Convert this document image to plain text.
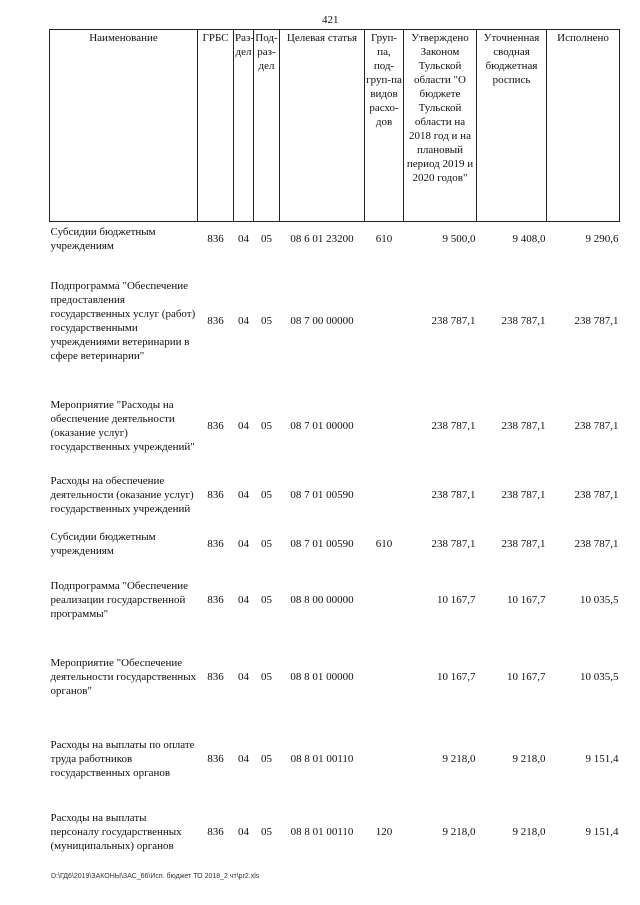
421
Наименование	ГРБС	Раз-дел	Под-раз-дел	Целевая статья	Груп-па, под-груп-па видов расхо-дов	Утверждено Законом Тульской области "О бюджете Тульской области на 2018 год и на плановый период 2019 и 2020 годов"	Уточненная сводная бюджетная роспись	Исполнено
Субсидии бюджетным учреждениям	836	04	05	08 6 01 23200	610	9 500,0	9 408,0	9 290,6
Подпрограмма "Обеспечение предоставления государственных услуг (работ) государственными учреждениями ветеринарии в сфере ветеринарии"	836	04	05	08 7 00 00000		238 787,1	238 787,1	238 787,1
Мероприятие "Расходы на обеспечение деятельности (оказание услуг) государственных учреждений"	836	04	05	08 7 01 00000		238 787,1	238 787,1	238 787,1
Расходы на обеспечение деятельности (оказание услуг) государственных учреждений	836	04	05	08 7 01 00590		238 787,1	238 787,1	238 787,1
Субсидии бюджетным учреждениям	836	04	05	08 7 01 00590	610	238 787,1	238 787,1	238 787,1
Подпрограмма "Обеспечение реализации государственной программы"	836	04	05	08 8 00 00000		10 167,7	10 167,7	10 035,5
Мероприятие "Обеспечение деятельности государственных органов"	836	04	05	08 8 01 00000		10 167,7	10 167,7	10 035,5
Расходы на выплаты по оплате труда работников государственных органов	836	04	05	08 8 01 00110		9 218,0	9 218,0	9 151,4
Расходы на выплаты персоналу государственных (муниципальных) органов	836	04	05	08 8 01 00110	120	9 218,0	9 218,0	9 151,4
D:\ГД6\2019\ЗАКОНЫ\ЗАС_66\Исп. бюджет ТО 2018_2 чт\pr2.xls
